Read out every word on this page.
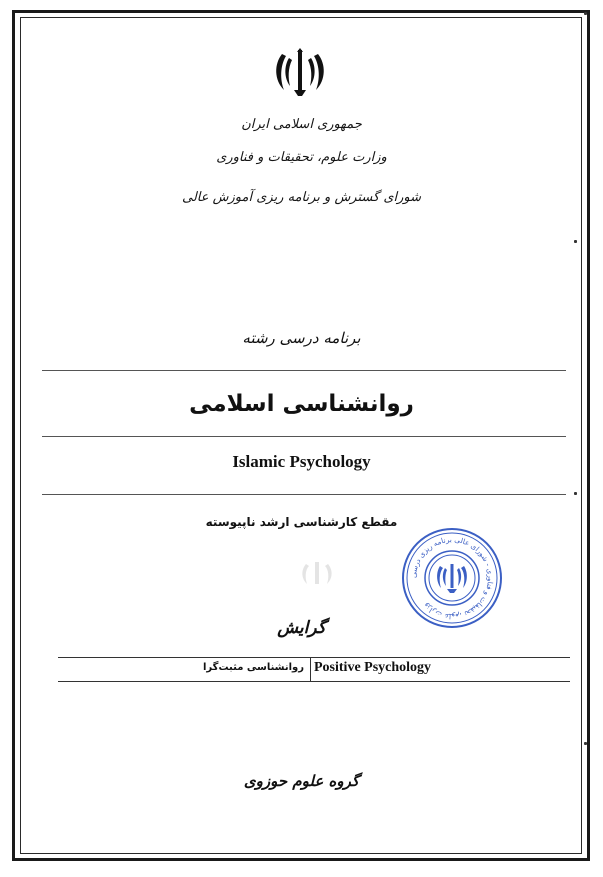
جمهوری اسلامی ایران
وزارت علوم، تحقیقات و فناوری
شورای گسترش و برنامه ریزی آموزش عالی
برنامه درسی رشته
روانشناسی اسلامی
Islamic Psychology
مقطع کارشناسی ارشد ناپیوسته
وزارت علوم، تحقیقات و فناوری - شورای عالی برنامه ریزی درسی
گرایش
Positive Psychology
روانشناسی مثبت‌گرا
گروه علوم حوزوی
